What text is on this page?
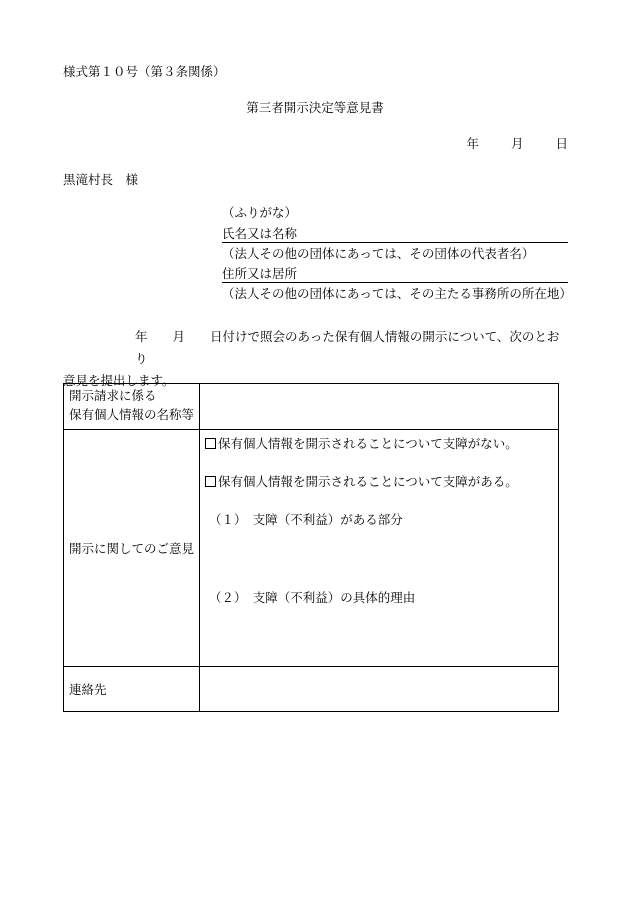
様式第１０号（第３条関係）
第三者開示決定等意見書
年	月	日
黒滝村長　様
（ふりがな）
氏名又は名称
（法人その他の団体にあっては、その団体の代表者名）
住所又は居所
（法人その他の団体にあっては、その主たる事務所の所在地）
年　　月　　日付けで照会のあった保有個人情報の開示について、次のとおり
意見を提出します。
開示請求に係る
保有個人情報の名称等	

開示に関してのご意見	保有個人情報を開示されることについて支障がない。
保有個人情報を開示されることについて支障がある。
（１）　支障（不利益）がある部分
（２）　支障（不利益）の具体的理由

連絡先	
